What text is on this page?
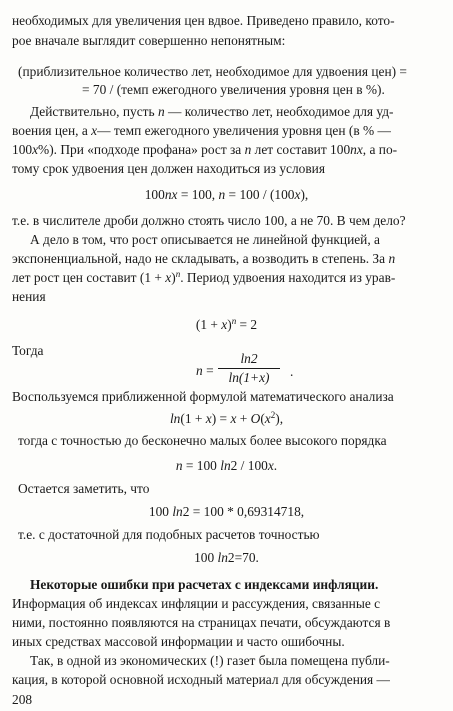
необходимых для увеличения цен вдвое. Приведено правило, кото-
рое вначале выглядит совершенно непонятным:
(приблизительное количество лет, необходимое для удвоения цен) =
= 70 / (темп ежегодного увеличения уровня цен в %).
Действительно, пусть n — количество лет, необходимое для уд-
воения цен, а x— темп ежегодного увеличения уровня цен (в % —
100x%). При «подходе профана» рост за n лет составит 100nx, а по-
тому срок удвоения цен должен находиться из условия
100nx = 100, n = 100 / (100x),
т.е. в числителе дроби должно стоять число 100, а не 70. В чем дело?
А дело в том, что рост описывается не линейной функцией, а
экспоненциальной, надо не складывать, а возводить в степень. За n
лет рост цен составит $(1 + x)^n$. Период удвоения находится из урав-
нения
$(1 + x)^n = 2$
Тогда
n =
ln2
ln(1+x)	.
Воспользуемся приближенной формулой математического анализа
$\ln(1 + x) = x + O(x^2)$,
тогда с точностью до бесконечно малых более высокого порядка
n = 100 ln2 / 100x.
Остается заметить, что
100 ln2 = 100 * 0,69314718,
т.е. с достаточной для подобных расчетов точностью
100 ln2=70.
Некоторые ошибки при расчетах с индексами инфляции.
Информация об индексах инфляции и рассуждения, связанные с
ними, постоянно появляются на страницах печати, обсуждаются в
иных средствах массовой информации и часто ошибочны.
Так, в одной из экономических (!) газет была помещена публи-
кация, в которой основной исходный материал для обсуждения —
208
